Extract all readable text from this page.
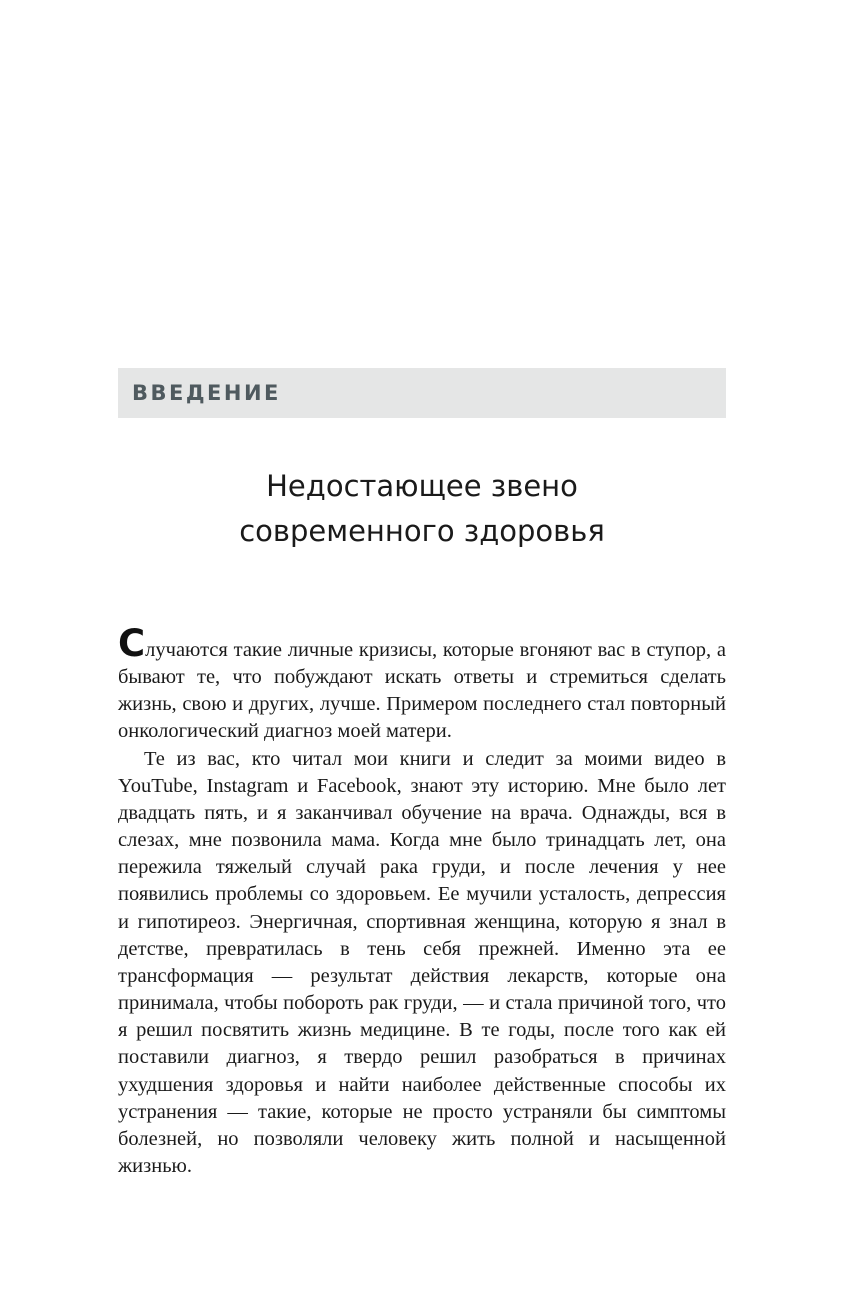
ВВЕДЕНИЕ
Недостающее звено
современного здоровья

Случаются такие личные кризисы, которые вгоняют вас в ступор, а бывают те, что побуждают искать ответы и стремиться сделать жизнь, свою и других, лучше. Примером последнего стал повторный онкологический диагноз моей матери.

Те из вас, кто читал мои книги и следит за моими видео в YouTube, Instagram и Facebook, знают эту историю. Мне было лет двадцать пять, и я заканчивал обучение на врача. Однажды, вся в слезах, мне позвонила мама. Когда мне было тринадцать лет, она пережила тяжелый случай рака груди, и после лечения у нее появились проблемы со здоровьем. Ее мучили усталость, депрессия и гипотиреоз. Энергичная, спортивная женщина, которую я знал в детстве, превратилась в тень себя прежней. Именно эта ее трансформация — результат действия лекарств, которые она принимала, чтобы побороть рак груди, — и стала причиной того, что я решил посвятить жизнь медицине. В те годы, после того как ей поставили диагноз, я твердо решил разобраться в причинах ухудшения здоровья и найти наиболее действенные способы их устранения — такие, которые не просто устраняли бы симптомы болезней, но позволяли человеку жить полной и насыщенной жизнью.
